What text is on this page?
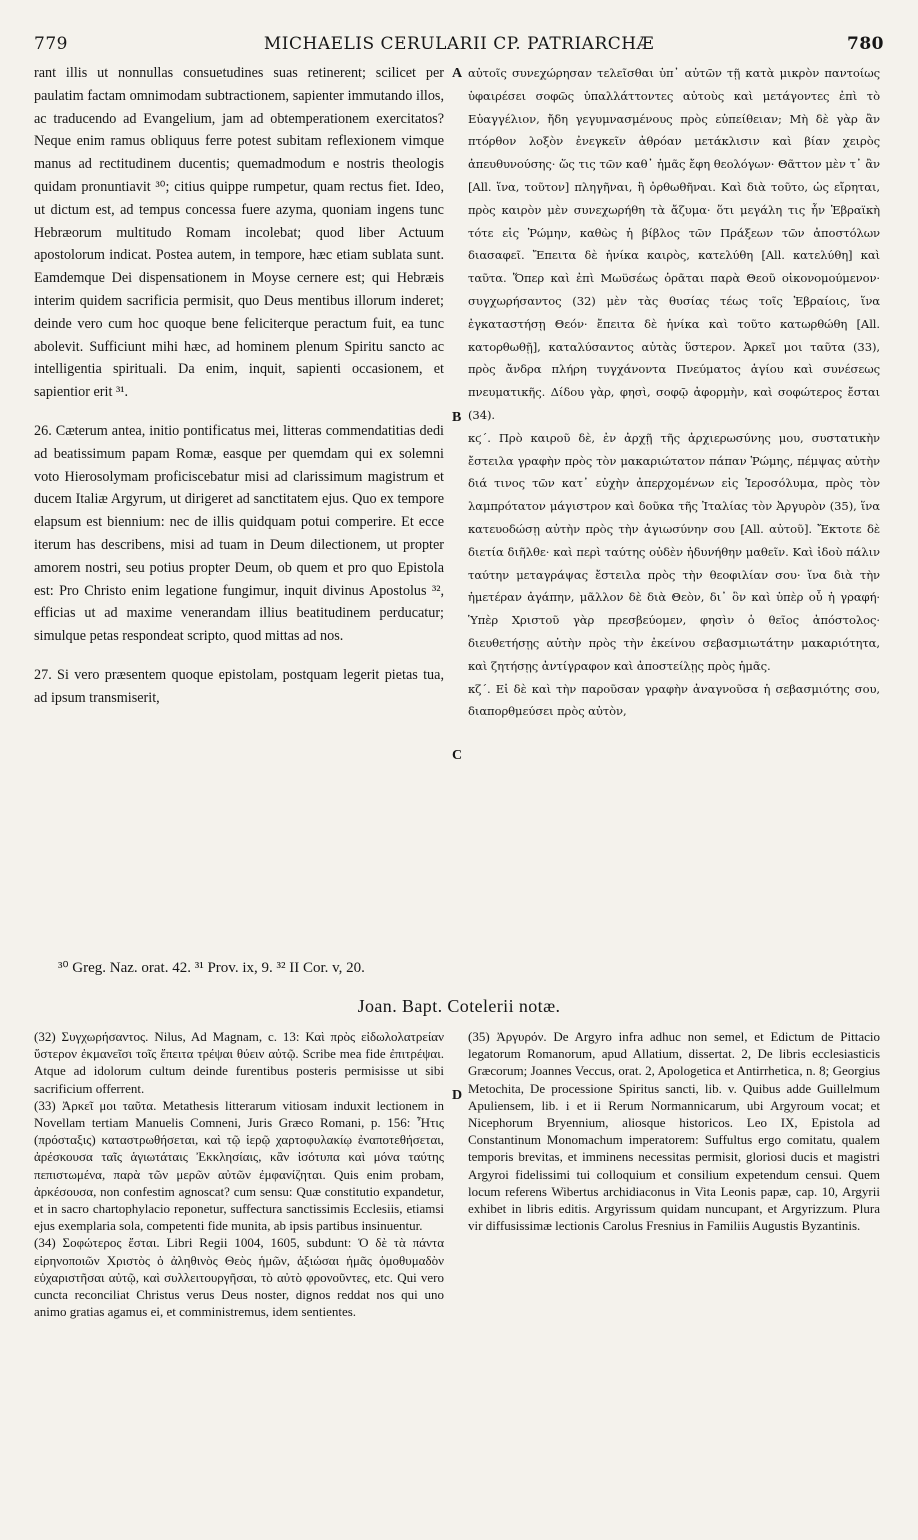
779	MICHAELIS CERULARII CP. PATRIARCHÆ	780

rant illis ut nonnullas consuetudines suas retinerent; scilicet per paulatim factam omnimodam subtractionem, sapienter immutando illos, ac traducendo ad Evangelium, jam ad obtemperationem exercitatos? Neque enim ramus obliquus ferre potest subitam reflexionem vimque manus ad rectitudinem ducentis; quemadmodum e nostris theologis quidam pronuntiavit ³⁰; citius quippe rumpetur, quam rectus fiet. Ideo, ut dictum est, ad tempus concessa fuere azyma, quoniam ingens tunc Hebræorum multitudo Romam incolebat; quod liber Actuum apostolorum indicat. Postea autem, in tempore, hæc etiam sublata sunt. Eamdemque Dei dispensationem in Moyse cernere est; qui Hebræis interim quidem sacrificia permisit, quo Deus mentibus illorum inderet; deinde vero cum hoc quoque bene feliciterque peractum fuit, ea tunc abolevit. Sufficiunt mihi hæc, ad hominem plenum Spiritu sancto ac intelligentia spirituali. Da enim, inquit, sapienti occasionem, et sapientior erit ³¹.

26. Cæterum antea, initio pontificatus mei, litteras commendatitias dedi ad beatissimum papam Romæ, easque per quemdam qui ex solemni voto Hierosolymam proficiscebatur misi ad clarissimum magistrum et ducem Italiæ Argyrum, ut dirigeret ad sanctitatem ejus. Quo ex tempore elapsum est biennium: nec de illis quidquam potui comperire. Et ecce iterum has describens, misi ad tuam in Deum dilectionem, ut propter amorem nostri, seu potius propter Deum, ob quem et pro quo Epistola est: Pro Christo enim legatione fungimur, inquit divinus Apostolus ³², efficias ut ad maxime venerandam illius beatitudinem perducatur; simulque petas respondeat scripto, quod mittas ad nos.

27. Si vero præsentem quoque epistolam, postquam legerit pietas tua, ad ipsum transmiserit,

A
B
C
D

αὐτοῖς συνεχώρησαν τελεῖσθαι ὑπ᾽ αὐτῶν τῇ κατὰ μικρὸν παντοίως ὑφαιρέσει σοφῶς ὑπαλλάττοντες αὐτοὺς καὶ μετάγοντες ἐπὶ τὸ Εὐαγγέλιον, ἤδη γεγυμνασμένους πρὸς εὐπείθειαν; Μὴ δὲ γὰρ ἂν πτόρθον λοξὸν ἐνεγκεῖν ἀθρόαν μετάκλισιν καὶ βίαν χειρὸς ἀπευθυνούσης· ὥς τις τῶν καθ᾽ ἡμᾶς ἔφη θεολόγων· Θᾶττον μὲν τ᾽ ἂν [All. ἵνα, τοῦτον] πληγῆναι, ἢ ὀρθωθῆναι. Καὶ διὰ τοῦτο, ὡς εἴρηται, πρὸς καιρὸν μὲν συνεχωρήθη τὰ ἄζυμα· ὅτι μεγάλη τις ἦν Ἑβραϊκὴ τότε εἰς Ῥώμην, καθὼς ἡ βίβλος τῶν Πράξεων τῶν ἀποστόλων διασαφεῖ. Ἔπειτα δὲ ἡνίκα καιρὸς, κατελύθη [All. κατελύθη] καὶ ταῦτα. Ὅπερ καὶ ἐπὶ Μωϋσέως ὁρᾶται παρὰ Θεοῦ οἰκονομούμενον· συγχωρήσαντος (32) μὲν τὰς θυσίας τέως τοῖς Ἑβραίοις, ἵνα ἐγκαταστήσῃ Θεόν· ἔπειτα δὲ ἡνίκα καὶ τοῦτο κατωρθώθη [All. κατορθωθῇ], καταλύσαντος αὐτὰς ὕστερον. Ἀρκεῖ μοι ταῦτα (33), πρὸς ἄνδρα πλήρη τυγχάνοντα Πνεύματος ἁγίου καὶ συνέσεως πνευματικῆς. Δίδου γὰρ, φησὶ, σοφῷ ἀφορμὴν, καὶ σοφώτερος ἔσται (34).

κϛ΄. Πρὸ καιροῦ δὲ, ἐν ἀρχῇ τῆς ἀρχιερωσύνης μου, συστατικὴν ἔστειλα γραφὴν πρὸς τὸν μακαριώτατον πάπαν Ῥώμης, πέμψας αὐτὴν διά τινος τῶν κατ᾽ εὐχὴν ἀπερχομένων εἰς Ἱεροσόλυμα, πρὸς τὸν λαμπρότατον μάγιστρον καὶ δοῦκα τῆς Ἰταλίας τὸν Ἀργυρὸν (35), ἵνα κατευοδώσῃ αὐτὴν πρὸς τὴν ἁγιωσύνην σου [All. αὐτοῦ]. Ἔκτοτε δὲ διετία διῆλθε· καὶ περὶ ταύτης οὐδὲν ἠδυνήθην μαθεῖν. Καὶ ἰδοὺ πάλιν ταύτην μεταγράψας ἔστειλα πρὸς τὴν θεοφιλίαν σου· ἵνα διὰ τὴν ἡμετέραν ἀγάπην, μᾶλλον δὲ διὰ Θεὸν, δι᾽ ὃν καὶ ὑπὲρ οὗ ἡ γραφή· Ὑπὲρ Χριστοῦ γὰρ πρεσβεύομεν, φησὶν ὁ θεῖος ἀπόστολος· διευθετήσῃς αὐτὴν πρὸς τὴν ἐκείνου σεβασμιωτάτην μακαριότητα, καὶ ζητήσῃς ἀντίγραφον καὶ ἀποστείλῃς πρὸς ἡμᾶς.

κζ΄. Εἰ δὲ καὶ τὴν παροῦσαν γραφὴν ἀναγνοῦσα ἡ σεβασμιότης σου, διαπορθμεύσει πρὸς αὐτὸν,

³⁰ Greg. Naz. orat. 42. ³¹ Prov. ix, 9. ³² II Cor. v, 20.
Joan. Bapt. Cotelerii notæ.

(32) Συγχωρήσαντος. Nilus, Ad Magnam, c. 13: Καὶ πρὸς εἰδωλολατρείαν ὕστερον ἐκμανεῖσι τοῖς ἔπειτα τρέψαι θύειν αὐτῷ. Scribe mea fide ἐπιτρέψαι. Atque ad idolorum cultum deinde furentibus posteris permisisse ut sibi sacrificium offerrent.

(33) Ἀρκεῖ μοι ταῦτα. Metathesis litterarum vitiosam induxit lectionem in Novellam tertiam Manuelis Comneni, Juris Græco Romani, p. 156: Ἦτις (πρόσταξις) καταστρωθήσεται, καὶ τῷ ἱερῷ χαρτοφυλακίῳ ἐναποτεθήσεται, ἀρέσκουσα ταῖς ἁγιωτάταις Ἐκκλησίαις, κἂν ἰσότυπα καὶ μόνα ταύτης πεπιστωμένα, παρὰ τῶν μερῶν αὐτῶν ἐμφανίζηται. Quis enim probam, ἀρκέσουσα, non confestim agnoscat? cum sensu: Quæ constitutio expandetur, et in sacro chartophylacio reponetur, suffectura sanctissimis Ecclesiis, etiamsi ejus exemplaria sola, competenti fide munita, ab ipsis partibus insinuentur.

(34) Σοφώτερος ἔσται. Libri Regii 1004, 1605, subdunt: Ὁ δὲ τὰ πάντα εἰρηνοποιῶν Χριστὸς ὁ ἀληθινὸς Θεὸς ἡμῶν, ἀξιώσαι ἡμᾶς ὁμοθυμαδὸν εὐχαριστῆσαι αὐτῷ, καὶ συλλειτουργῆσαι, τὸ αὐτὸ φρονοῦντες, etc. Qui vero cuncta reconciliat Christus verus Deus noster, dignos reddat nos qui uno animo gratias agamus ei, et comministremus, idem sentientes.

(35) Ἀργυρόν. De Argyro infra adhuc non semel, et Edictum de Pittacio legatorum Romanorum, apud Allatium, dissertat. 2, De libris ecclesiasticis Græcorum; Joannes Veccus, orat. 2, Apologetica et Antirrhetica, n. 8; Georgius Metochita, De processione Spiritus sancti, lib. v. Quibus adde Guillelmum Apuliensem, lib. i et ii Rerum Normannicarum, ubi Argyroum vocat; et Nicephorum Bryennium, aliosque historicos. Leo IX, Epistola ad Constantinum Monomachum imperatorem: Suffultus ergo comitatu, qualem temporis brevitas, et imminens necessitas permisit, gloriosi ducis et magistri Argyroi fidelissimi tui colloquium et consilium expetendum censui. Quem locum referens Wibertus archidiaconus in Vita Leonis papæ, cap. 10, Argyrii exhibet in libris editis. Argyrissum quidam nuncupant, et Argyrizzum. Plura vir diffusissimæ lectionis Carolus Fresnius in Familiis Augustis Byzantinis.
